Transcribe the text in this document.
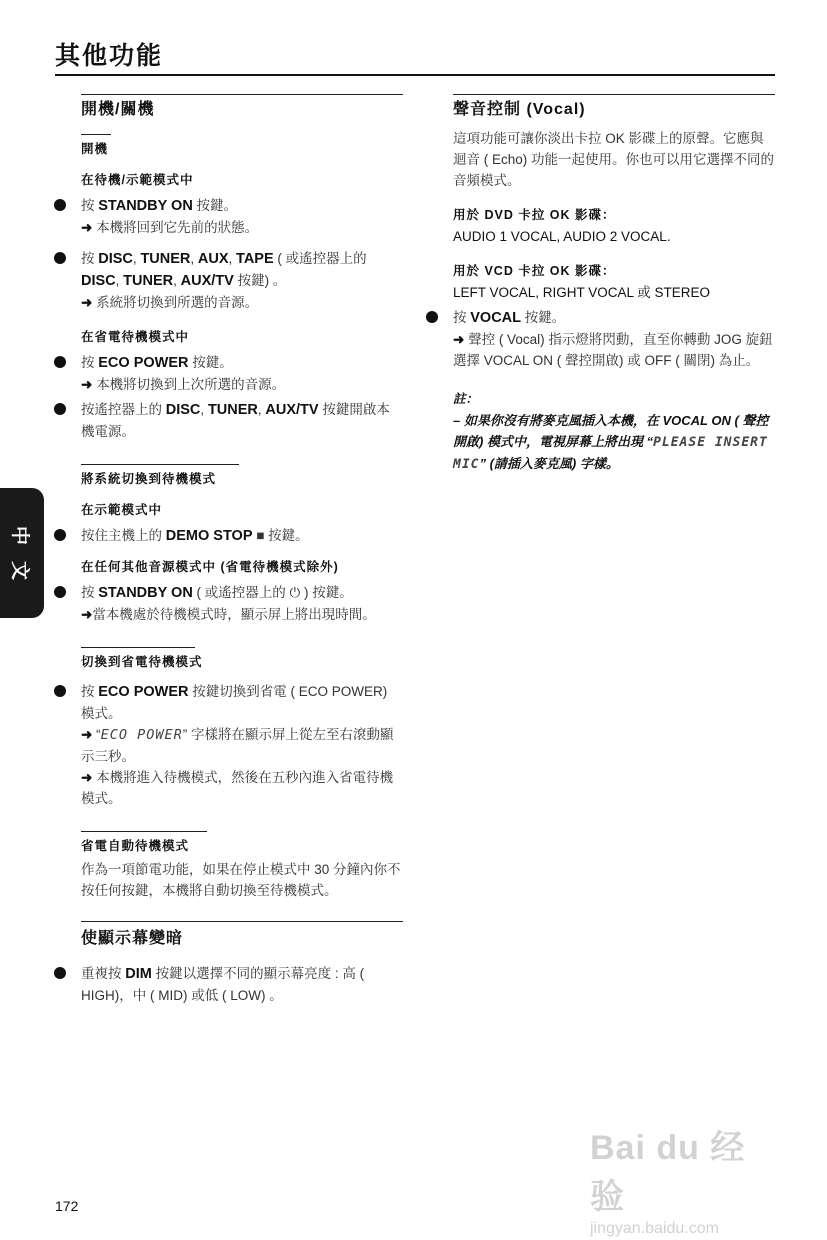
其他功能
開機/關機
開機
在待機/示範模式中
按 STANDBY ON 按鍵。
➜ 本機將回到它先前的狀態。
按 DISC, TUNER, AUX, TAPE ( 或遙控器上的 DISC, TUNER, AUX/TV 按鍵) 。
➜ 系統將切換到所選的音源。
在省電待機模式中
按 ECO POWER 按鍵。
➜ 本機將切換到上次所選的音源。
按遙控器上的 DISC, TUNER, AUX/TV 按鍵開啟本機電源。
將系統切換到待機模式
在示範模式中
按住主機上的 DEMO STOP ■ 按鍵。
在任何其他音源模式中 (省電待機模式除外)
按 STANDBY ON ( 或遙控器上的 ⏻ ) 按鍵。
➜當本機處於待機模式時，顯示屏上將出現時間。
切換到省電待機模式
按 ECO POWER 按鍵切換到省電 ( ECO POWER) 模式。
➜ “ECO POWER” 字樣將在顯示屏上從左至右滾動顯示三秒。
➜ 本機將進入待機模式，然後在五秒內進入省電待機模式。
省電自動待機模式
作為一項節電功能，如果在停止模式中 30 分鐘內你不按任何按鍵，本機將自動切換至待機模式。
使顯示幕變暗
重複按 DIM 按鍵以選擇不同的顯示幕亮度 : 高 ( HIGH)，中 ( MID) 或低 ( LOW) 。
聲音控制 (Vocal)
這項功能可讓你淡出卡拉 OK 影碟上的原聲。它應與迴音 ( Echo) 功能一起使用。你也可以用它選擇不同的音頻模式。
用於 DVD 卡拉 OK 影碟：
AUDIO 1 VOCAL, AUDIO 2 VOCAL.
用於 VCD 卡拉 OK 影碟：
LEFT VOCAL, RIGHT VOCAL 或 STEREO
按 VOCAL 按鍵。
➜ 聲控 ( Vocal) 指示燈將閃動，直至你轉動 JOG 旋鈕選擇 VOCAL ON ( 聲控開啟) 或 OFF ( 關閉) 為止。
註：
– 如果你沒有將麥克風插入本機，在 VOCAL ON ( 聲控開啟) 模式中，電視屏幕上將出現 “PLEASE INSERT MIC” (請插入麥克風) 字樣。
中
文
172
Bai du 经验
jingyan.baidu.com
